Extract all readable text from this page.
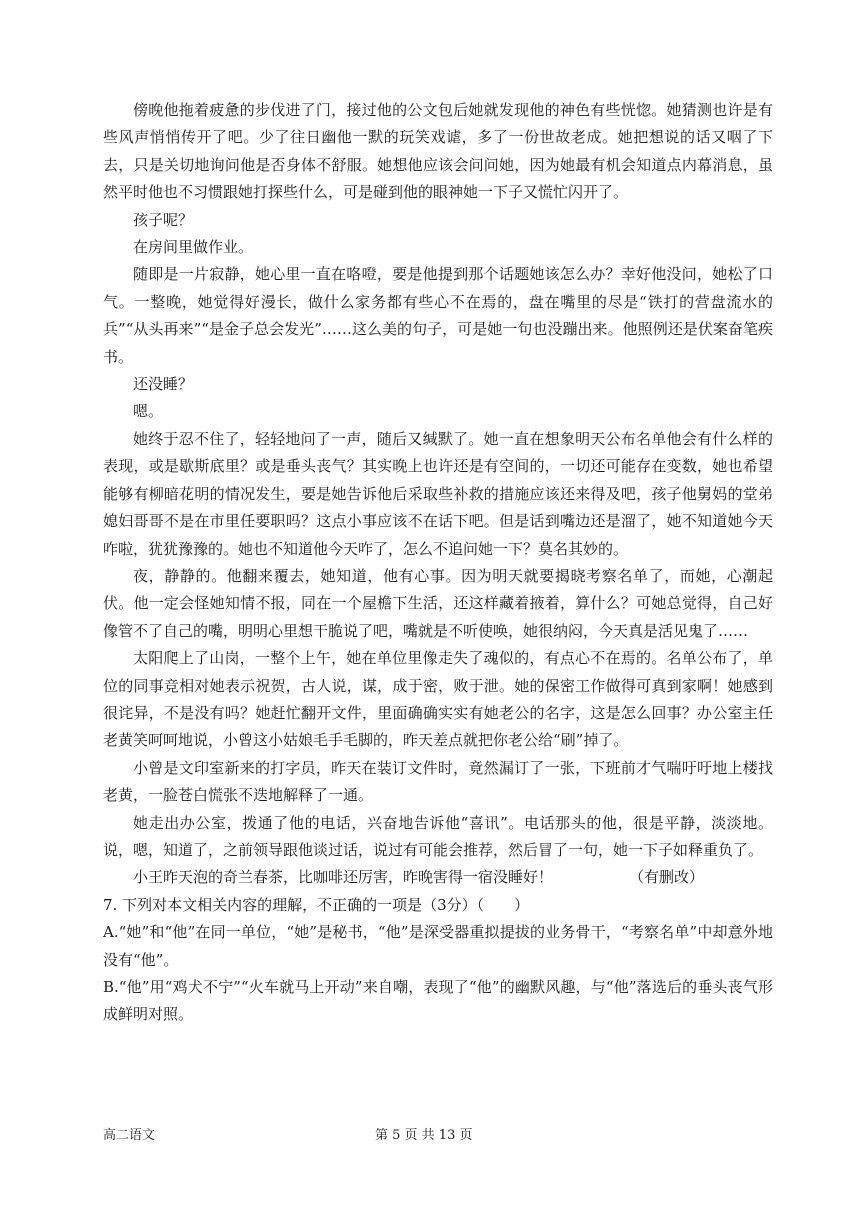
傍晚他拖着疲惫的步伐进了门，接过他的公文包后她就发现他的神色有些恍惚。她猜测也许是有些风声悄悄传开了吧。少了往日幽他一默的玩笑戏谑，多了一份世故老成。她把想说的话又咽了下去，只是关切地询问他是否身体不舒服。她想他应该会问问她，因为她最有机会知道点内幕消息，虽然平时他也不习惯跟她打探些什么，可是碰到他的眼神她一下子又慌忙闪开了。

孩子呢？

在房间里做作业。

随即是一片寂静，她心里一直在咯噔，要是他提到那个话题她该怎么办？幸好他没问，她松了口气。一整晚，她觉得好漫长，做什么家务都有些心不在焉的，盘在嘴里的尽是“铁打的营盘流水的兵”“从头再来”“是金子总会发光”……这么美的句子，可是她一句也没蹦出来。他照例还是伏案奋笔疾书。

还没睡？

嗯。

她终于忍不住了，轻轻地问了一声，随后又缄默了。她一直在想象明天公布名单他会有什么样的表现，或是歇斯底里？或是垂头丧气？其实晚上也许还是有空间的，一切还可能存在变数，她也希望能够有柳暗花明的情况发生，要是她告诉他后采取些补救的措施应该还来得及吧，孩子他舅妈的堂弟媳妇哥哥不是在市里任要职吗？这点小事应该不在话下吧。但是话到嘴边还是溜了，她不知道她今天咋啦，犹犹豫豫的。她也不知道他今天咋了，怎么不追问她一下？莫名其妙的。

夜，静静的。他翻来覆去，她知道，他有心事。因为明天就要揭晓考察名单了，而她，心潮起伏。他一定会怪她知情不报，同在一个屋檐下生活，还这样藏着掖着，算什么？可她总觉得，自己好像管不了自己的嘴，明明心里想干脆说了吧，嘴就是不听使唤，她很纳闷，今天真是活见鬼了……

太阳爬上了山岗，一整个上午，她在单位里像走失了魂似的，有点心不在焉的。名单公布了，单位的同事竞相对她表示祝贺，古人说，谋，成于密，败于泄。她的保密工作做得可真到家啊！她感到很诧异，不是没有吗？她赶忙翻开文件，里面确确实实有她老公的名字，这是怎么回事？办公室主任老黄笑呵呵地说，小曾这小姑娘毛手毛脚的，昨天差点就把你老公给“刷”掉了。

小曾是文印室新来的打字员，昨天在装订文件时，竟然漏订了一张，下班前才气喘吁吁地上楼找老黄，一脸苍白慌张不迭地解释了一通。

她走出办公室，拨通了他的电话，兴奋地告诉他“喜讯”。电话那头的他，很是平静，淡淡地。说，嗯，知道了，之前领导跟他谈过话，说过有可能会推荐，然后冒了一句，她一下子如释重负了。

小王昨天泡的奇兰春茶，比咖啡还厉害，昨晚害得一宿没睡好！	（有删改）

7. 下列对本文相关内容的理解，不正确的一项是（3分）（　　）

A.“她”和“他”在同一单位，“她”是秘书，“他”是深受器重拟提拔的业务骨干，“考察名单”中却意外地没有“他”。

B.“他”用“鸡犬不宁”“火车就马上开动”来自嘲，表现了“他”的幽默风趣，与“他”落选后的垂头丧气形成鲜明对照。

高二语文	第 5 页 共 13 页
